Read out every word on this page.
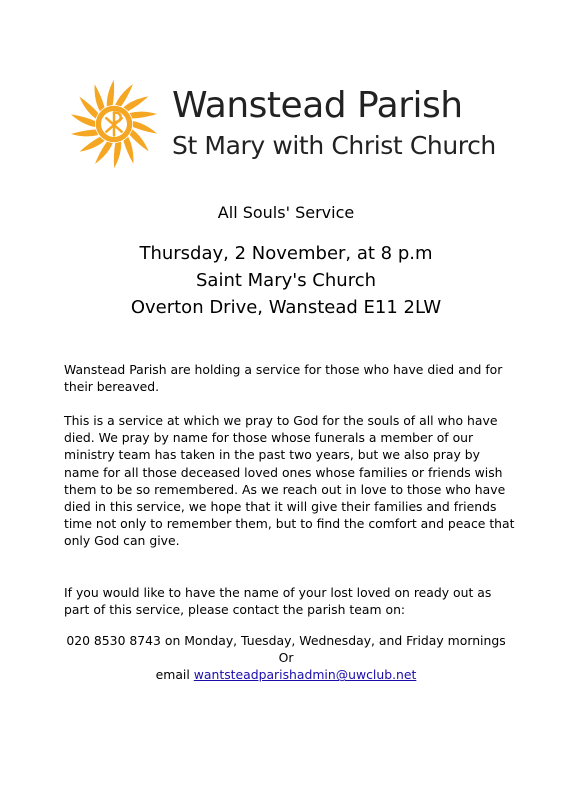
Wanstead Parish
St Mary with Christ Church
All Souls' Service
Thursday, 2 November, at 8 p.m
Saint Mary's Church
Overton Drive, Wanstead E11 2LW
Wanstead Parish are holding a service for those who have died and for their bereaved.
This is a service at which we pray to God for the souls of all who have died. We pray by name for those whose funerals a member of our ministry team has taken in the past two years, but we also pray by name for all those deceased loved ones whose families or friends wish them to be so remembered. As we reach out in love to those who have died in this service, we hope that it will give their families and friends time not only to remember them, but to find the comfort and peace that only God can give.
If you would like to have the name of your lost loved on ready out as part of this service, please contact the parish team on:
020 8530 8743 on Monday, Tuesday, Wednesday, and Friday mornings
Or
email wantsteadparishadmin@uwclub.net
